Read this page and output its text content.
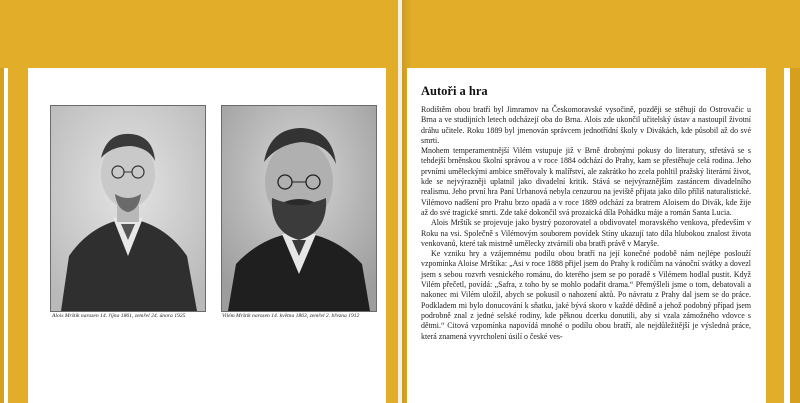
Alois Mrštík narozen 14. října 1861, zemřel 24. února 1925	Vilém Mrštík narozen 14. května 1863, zemřel 2. března 1912
Autoři a hra

Rodištěm obou bratří byl Jimramov na Českomoravské vysočině, později se stěhují do Ostrovačic u Brna a ve studijních letech odcházejí oba do Brna. Alois zde ukončil učitelský ústav a nastoupil životní dráhu učitele. Roku 1889 byl jmenován správcem jednotřídní školy v Divákách, kde působil až do své smrti.

Mnohem temperamentnější Vilém vstupuje již v Brně drobnými pokusy do literatury, střetává se s tehdejší brněnskou školní správou a v roce 1884 odchází do Prahy, kam se přestěhuje celá rodina. Jeho prvními uměleckými ambice směřovaly k malířství, ale zakrátko ho zcela pohltil pražský literární život, kde se nejvýrazněji uplatnil jako divadelní kritik. Stává se nejvýraznějším zastáncem divadelního realismu. Jeho první hra Paní Urbanová nebyla cenzurou na jeviště přijata jako dílo příliš naturalistické. Vilémovo nadšení pro Prahu brzo opadá a v roce 1889 odchází za bratrem Aloisem do Divák, kde žije až do své tragické smrti. Zde také dokončil svá prozaická díla Pohádku máje a román Santa Lucia.

Alois Mrštík se projevuje jako bystrý pozorovatel a obdivovatel moravského venkova, především v Roku na vsi. Společně s Vilémovým souborem povídek Stíny ukazují tato díla hlubokou znalost života venkovanů, které tak mistrně umělecky ztvárnili oba bratři právě v Maryše.

Ke vzniku hry a vzájemnému podílu obou bratří na její konečné podobě nám nejlépe poslouží vzpomínka Aloise Mrštíka: „Asi v roce 1888 přijel jsem do Prahy k rodičům na vánoční svátky a dovezl jsem s sebou rozvrh vesnického románu, do kterého jsem se po poradě s Vilémem hodlal pustit. Když Vilém přečetl, povídá: „Safra, z toho by se mohlo podařit drama.“ Přemýšleli jsme o tom, debatovali a nakonec mi Vilém uložil, abych se pokusil o nahození aktů. Po návratu z Prahy dal jsem se do práce. Podkladem mi bylo donucování k sňatku, jaké bývá skoro v každé dědině a jehož podobný případ jsem podrobně znal z jedné selské rodiny, kde pěknou dcerku donutili, aby si vzala zámožného vdovce s dětmi.“ Citová vzpomínka napovídá mnohé o podílu obou bratří, ale nejdůležitější je výsledná práce, která znamená vyvrcholení úsilí o české ves-
